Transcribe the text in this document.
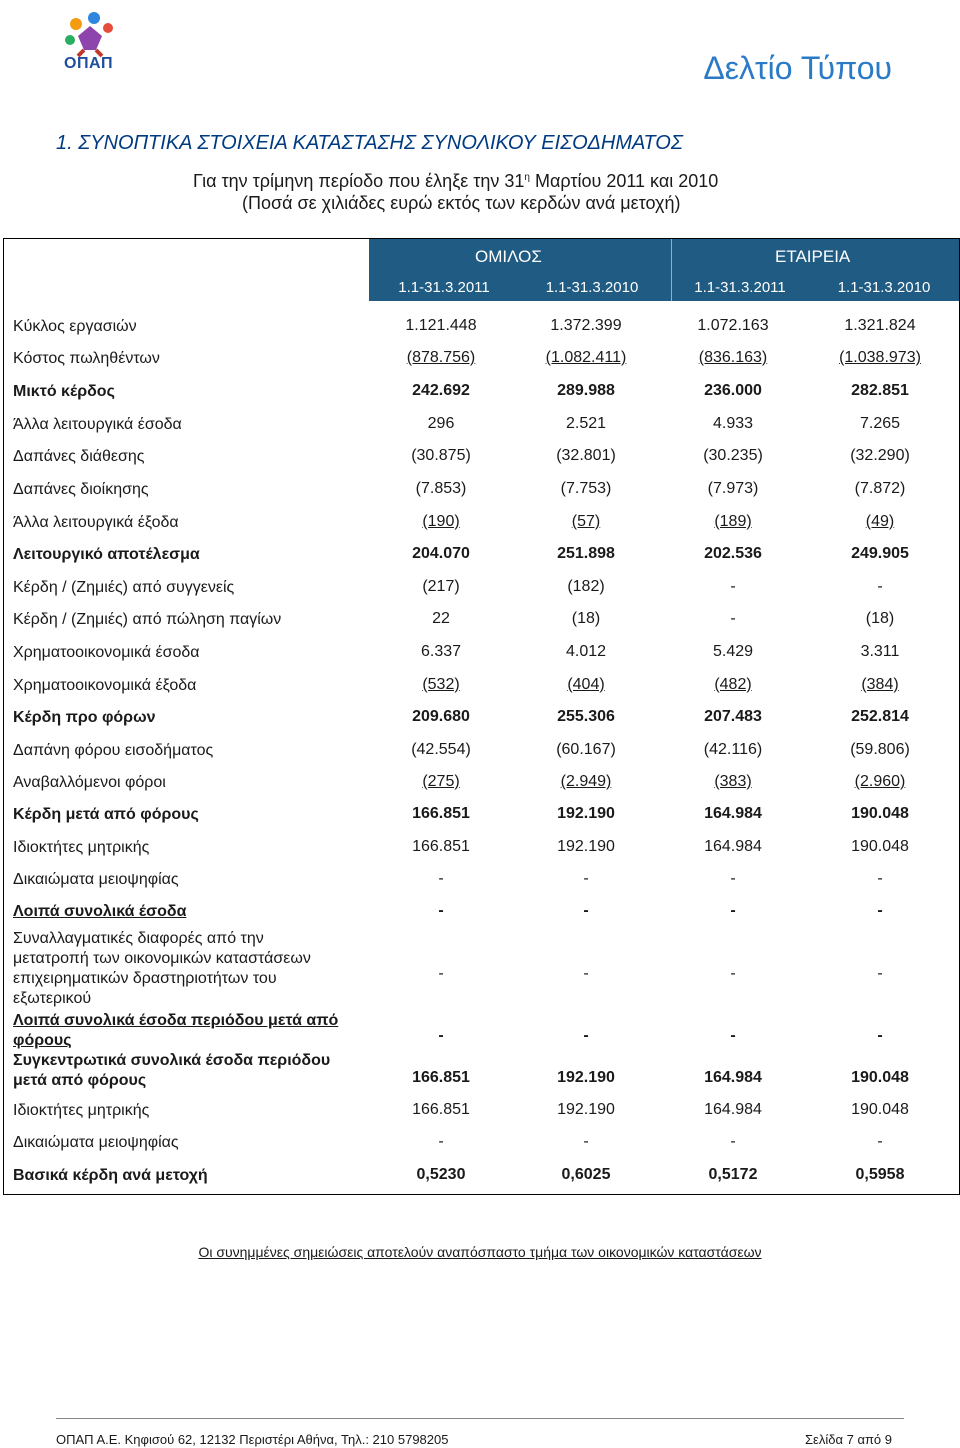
ΟΠΑΠ	Δελτίο Τύπου
1. ΣΥΝΟΠΤΙΚΑ ΣΤΟΙΧΕΙΑ ΚΑΤΑΣΤΑΣΗΣ ΣΥΝΟΛΙΚΟΥ ΕΙΣΟΔΗΜΑΤΟΣ
Για την τρίμηνη περίοδο που έληξε την $31^\eta$ Μαρτίου 2011 και 2010
(Ποσά σε χιλιάδες ευρώ εκτός των κερδών ανά μετοχή)
ΟΜΙΛΟΣ	ΕΤΑΙΡΕΙΑ
1.1-31.3.2011	1.1-31.3.2010	1.1-31.3.2011	1.1-31.3.2010
Κύκλος εργασιών	1.121.448	1.372.399	1.072.163	1.321.824
Κόστος πωληθέντων	(878.756)	(1.082.411)	(836.163)	(1.038.973)
Μικτό κέρδος	242.692	289.988	236.000	282.851
Άλλα λειτουργικά έσοδα	296	2.521	4.933	7.265
Δαπάνες διάθεσης	(30.875)	(32.801)	(30.235)	(32.290)
Δαπάνες διοίκησης	(7.853)	(7.753)	(7.973)	(7.872)
Άλλα λειτουργικά έξοδα	(190)	(57)	(189)	(49)
Λειτουργικό αποτέλεσμα	204.070	251.898	202.536	249.905
Κέρδη / (Ζημιές) από συγγενείς	(217)	(182)	-	-
Κέρδη / (Ζημιές) από πώληση παγίων	22	(18)	-	(18)
Χρηματοοικονομικά έσοδα	6.337	4.012	5.429	3.311
Χρηματοοικονομικά έξοδα	(532)	(404)	(482)	(384)
Κέρδη προ φόρων	209.680	255.306	207.483	252.814
Δαπάνη φόρου εισοδήματος	(42.554)	(60.167)	(42.116)	(59.806)
Αναβαλλόμενοι φόροι	(275)	(2.949)	(383)	(2.960)
Κέρδη μετά από φόρους	166.851	192.190	164.984	190.048
Ιδιοκτήτες μητρικής	166.851	192.190	164.984	190.048
Δικαιώματα μειοψηφίας	-	-	-	-
Λοιπά συνολικά έσοδα	-	-	-	-
Συναλλαγματικές διαφορές από την
μετατροπή των οικονομικών καταστάσεων
επιχειρηματικών δραστηριοτήτων του
εξωτερικού
-	-	-	-
Λοιπά συνολικά έσοδα περιόδου μετά από
φόρους	-	-	-	-
Συγκεντρωτικά συνολικά έσοδα περιόδου
μετά από φόρους	166.851	192.190	164.984	190.048
Ιδιοκτήτες μητρικής	166.851	192.190	164.984	190.048
Δικαιώματα μειοψηφίας	-	-	-	-
Βασικά κέρδη ανά μετοχή	0,5230	0,6025	0,5172	0,5958
Οι συνημμένες σημειώσεις αποτελούν αναπόσπαστο τμήμα των οικονομικών καταστάσεων
ΟΠΑΠ Α.Ε. Κηφισού 62, 12132 Περιστέρι Αθήνα, Τηλ.: 210 5798205	Σελίδα 7 από 9
